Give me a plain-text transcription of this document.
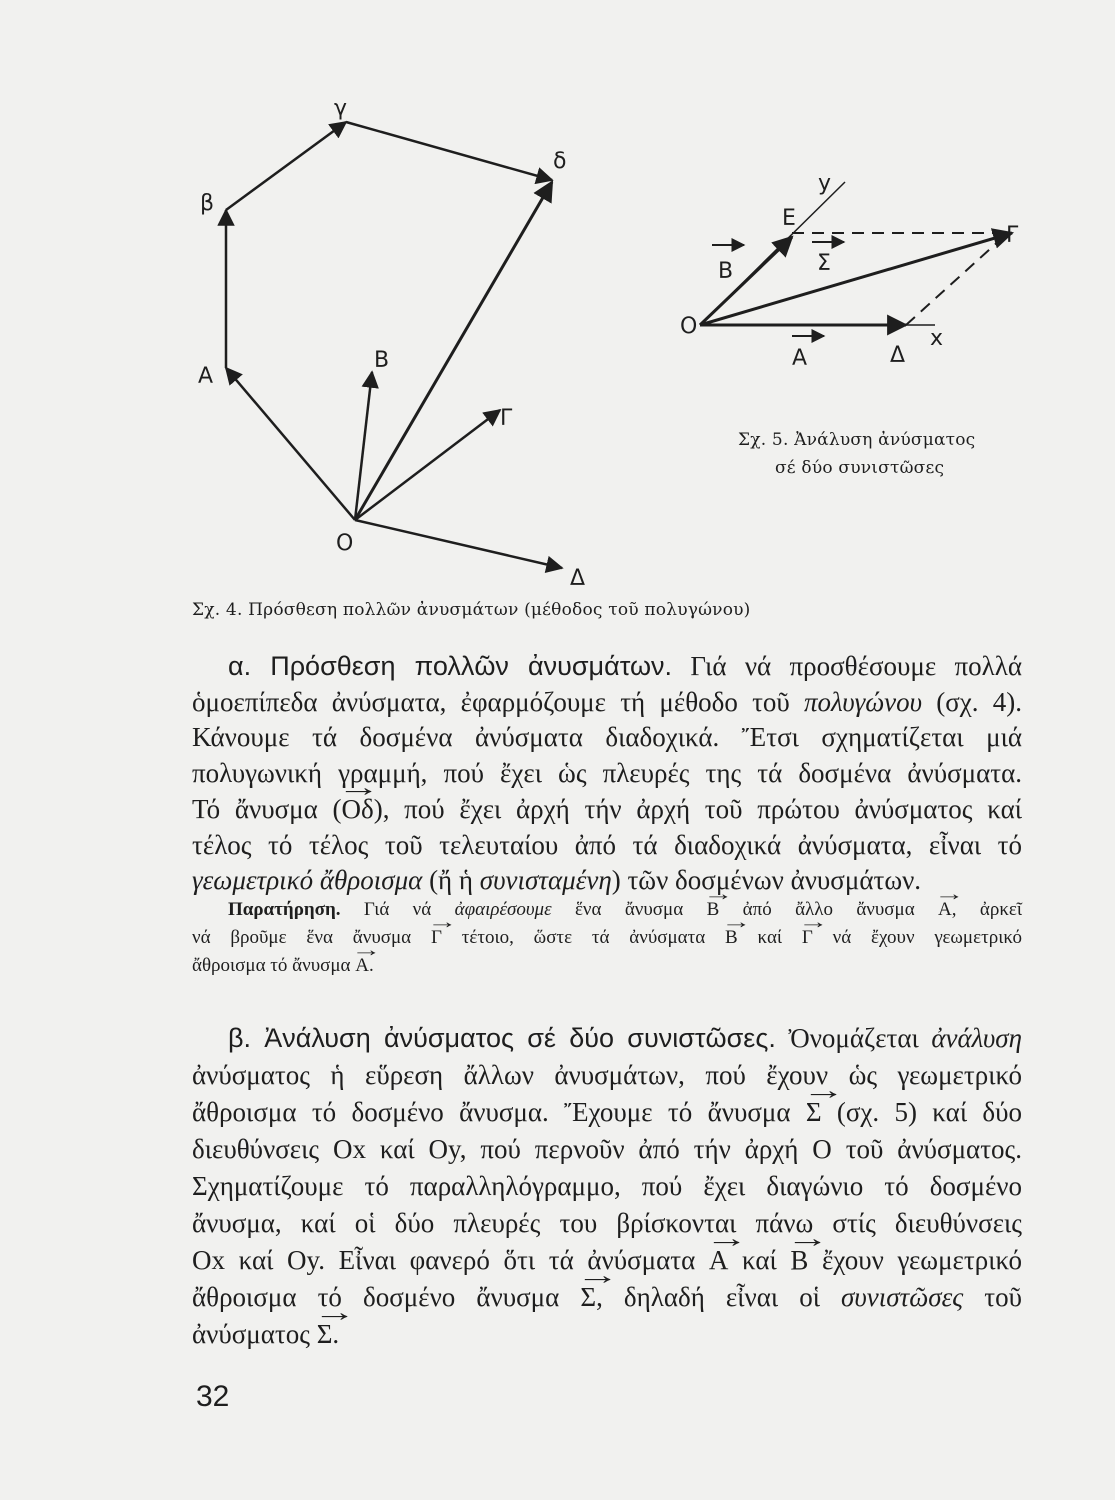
γ
δ
β
Α
Β
Γ
Ο
Δ
y
Ε
Γ
Β	Σ
Ο	x
Α	Δ
Σχ. 5. Ἀνάλυση ἀνύσματος
σέ δύο συνιστῶσες
Σχ. 4. Πρόσθεση πολλῶν ἀνυσμάτων (μέθοδος τοῦ πολυγώνου)
α. Πρόσθεση πολλῶν ἀνυσμάτων. Γιά νά προσθέσουμε πολλά
ὁμοεπίπεδα ἀνύσματα, ἐφαρμόζουμε τή μέθοδο τοῦ πολυγώνου (σχ. 4).
Κάνουμε τά δοσμένα ἀνύσματα διαδοχικά. Ἔτσι σχηματίζεται μιά
πολυγωνική γραμμή, πού ἔχει ὡς πλευρές της τά δοσμένα ἀνύσματα.
Τό ἄνυσμα (→ Οδ), πού ἔχει ἀρχή τήν ἀρχή τοῦ πρώτου ἀνύσματος καί
τέλος τό τέλος τοῦ τελευταίου ἀπό τά διαδοχικά ἀνύσματα, εἶναι τό
γεωμετρικό ἄθροισμα (ἤ ἡ συνισταμένη) τῶν δοσμένων ἀνυσμάτων.
Παρατήρηση. Γιά νά ἀφαιρέσουμε ἕνα ἄνυσμα → Β ἀπό ἄλλο ἄνυσμα → Α, ἀρκεῖ
νά βροῦμε ἕνα ἄνυσμα → Γ τέτοιο, ὥστε τά ἀνύσματα → Β καί → Γ νά ἔχουν γεωμετρικό
ἄθροισμα τό ἄνυσμα → Α.
β. Ἀνάλυση ἀνύσματος σέ δύο συνιστῶσες. Ὀνομάζεται ἀνάλυση
ἀνύσματος ἡ εὕρεση ἄλλων ἀνυσμάτων, πού ἔχουν ὡς γεωμετρικό
ἄθροισμα τό δοσμένο ἄνυσμα. Ἔχουμε τό ἄνυσμα → Σ (σχ. 5) καί δύο
διευθύνσεις Οx καί Οy, πού περνοῦν ἀπό τήν ἀρχή Ο τοῦ ἀνύσματος.
Σχηματίζουμε τό παραλληλόγραμμο, πού ἔχει διαγώνιο τό δοσμένο
ἄνυσμα, καί οἱ δύο πλευρές του βρίσκονται πάνω στίς διευθύνσεις
Οx καί Οy. Εἶναι φανερό ὅτι τά ἀνύσματα → Α καί → Β ἔχουν γεωμετρικό
ἄθροισμα τό δοσμένο ἄνυσμα → Σ, δηλαδή εἶναι οἱ συνιστῶσες τοῦ
ἀνύσματος → Σ.
32
